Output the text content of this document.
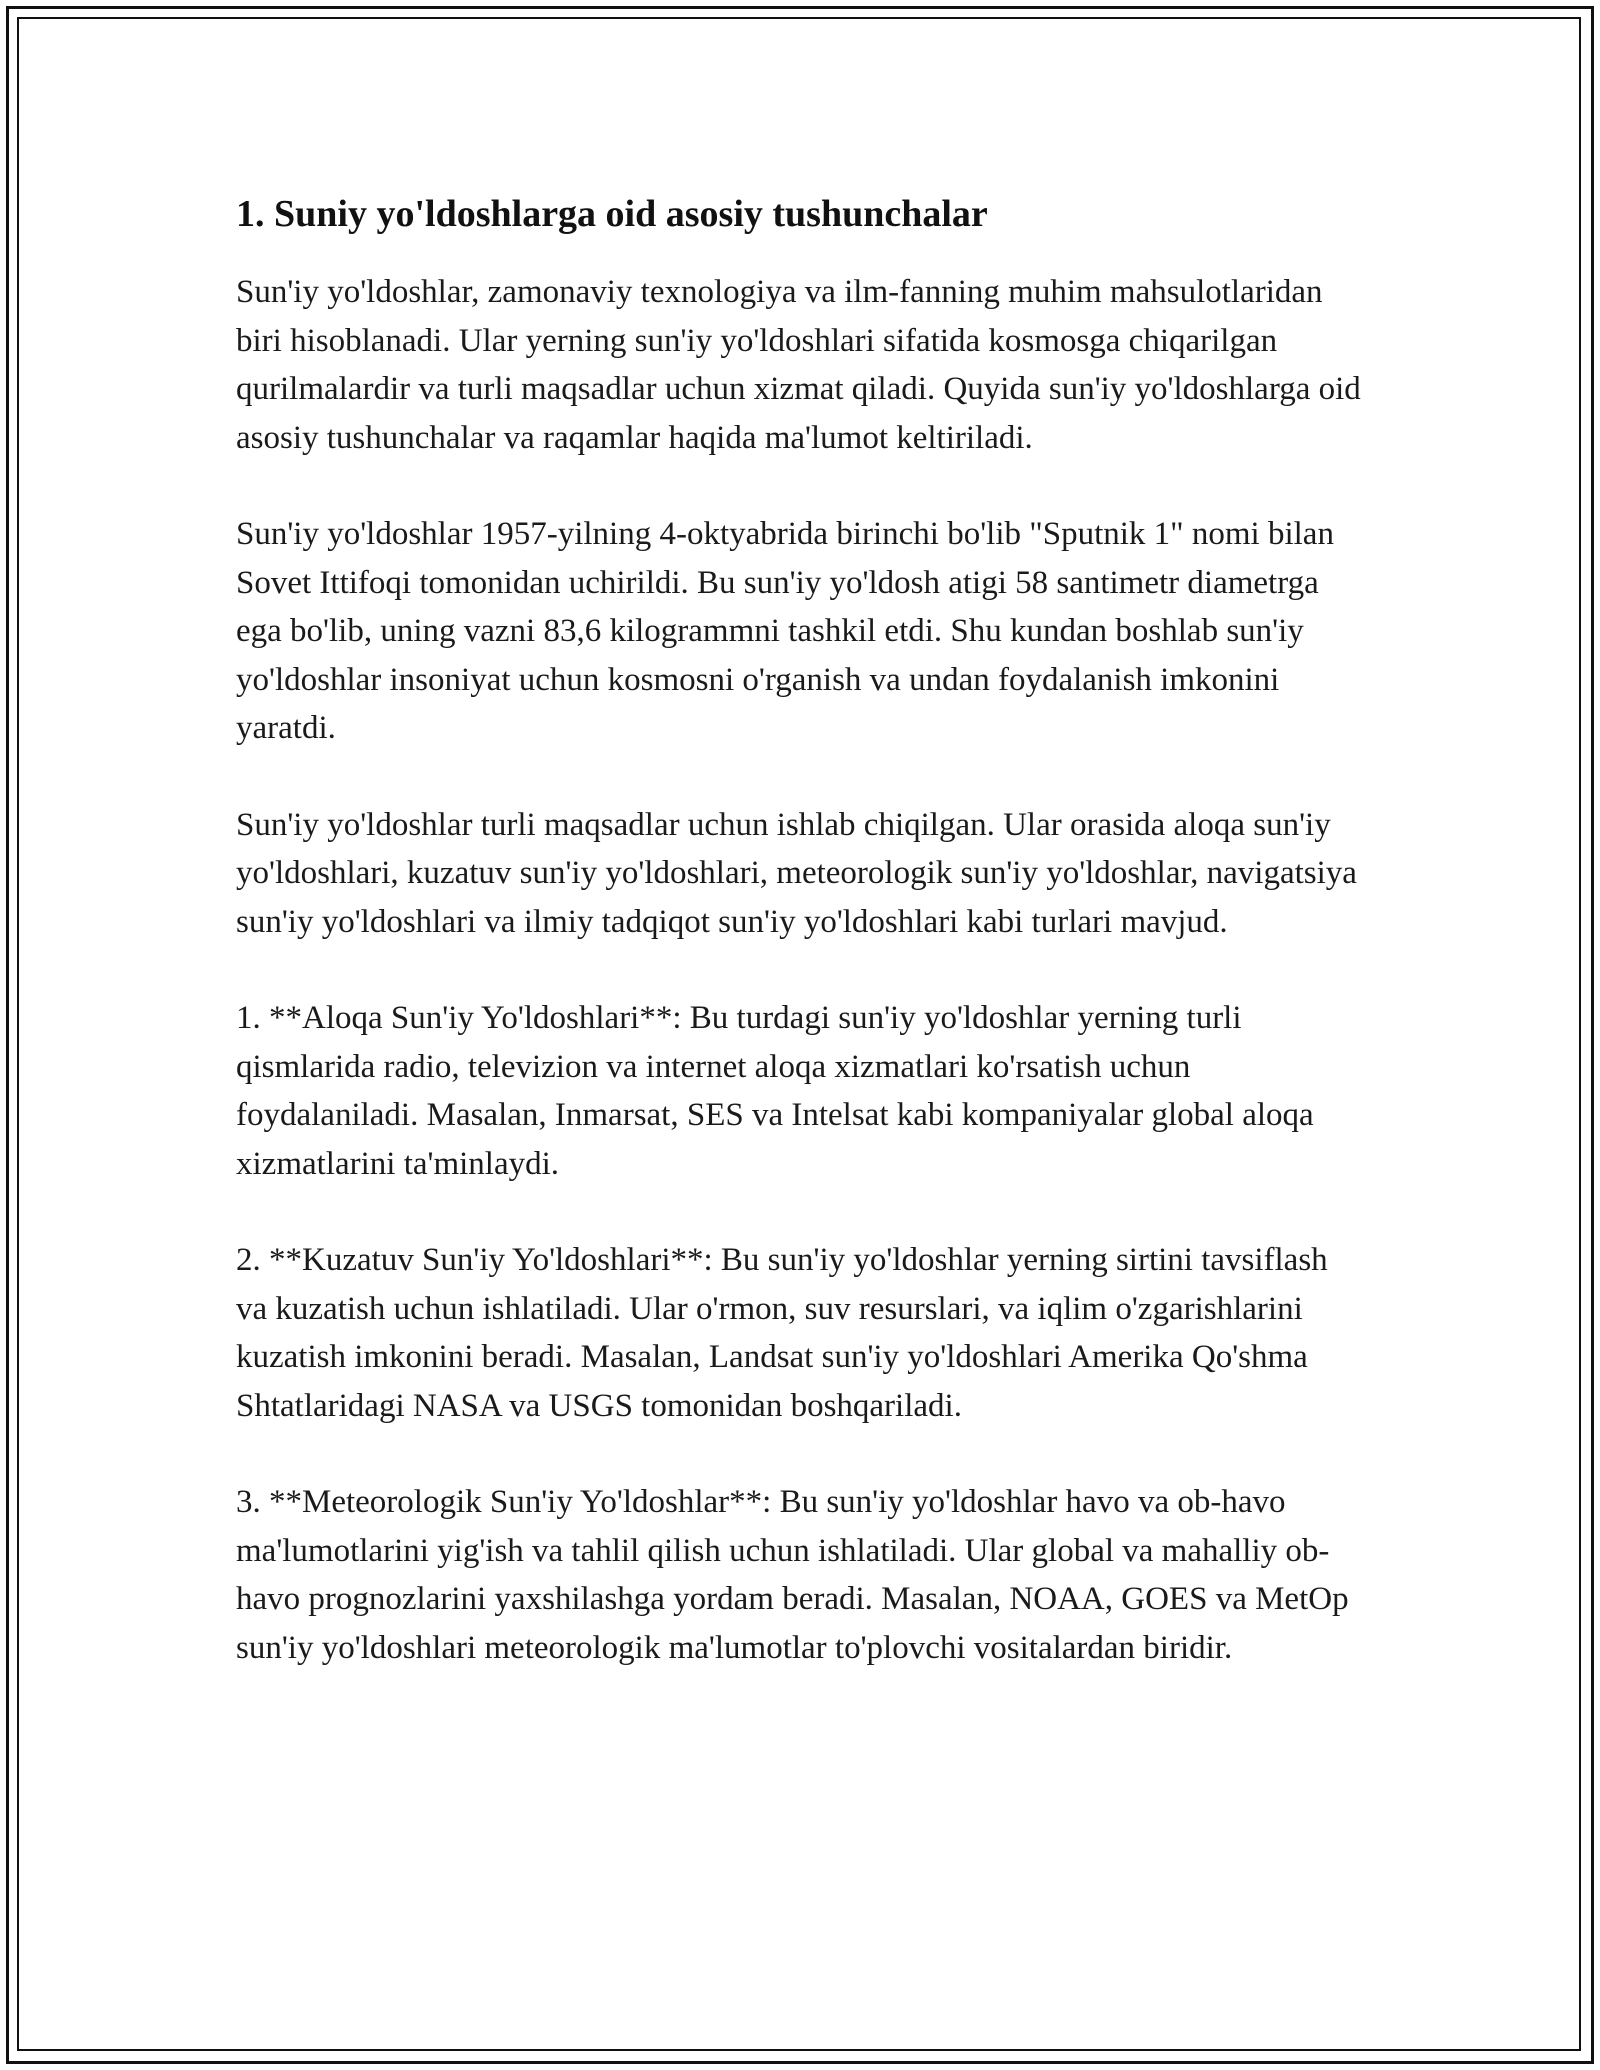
1. Suniy yo'ldoshlarga oid asosiy tushunchalar

Sun'iy yo'ldoshlar, zamonaviy texnologiya va ilm-fanning muhim mahsulotlaridan biri hisoblanadi. Ular yerning sun'iy yo'ldoshlari sifatida kosmosga chiqarilgan qurilmalardir va turli maqsadlar uchun xizmat qiladi. Quyida sun'iy yo'ldoshlarga oid asosiy tushunchalar va raqamlar haqida ma'lumot keltiriladi.

Sun'iy yo'ldoshlar 1957-yilning 4-oktyabrida birinchi bo'lib "Sputnik 1" nomi bilan Sovet Ittifoqi tomonidan uchirildi. Bu sun'iy yo'ldosh atigi 58 santimetr diametrga ega bo'lib, uning vazni 83,6 kilogrammni tashkil etdi. Shu kundan boshlab sun'iy yo'ldoshlar insoniyat uchun kosmosni o'rganish va undan foydalanish imkonini yaratdi.

Sun'iy yo'ldoshlar turli maqsadlar uchun ishlab chiqilgan. Ular orasida aloqa sun'iy yo'ldoshlari, kuzatuv sun'iy yo'ldoshlari, meteorologik sun'iy yo'ldoshlar, navigatsiya sun'iy yo'ldoshlari va ilmiy tadqiqot sun'iy yo'ldoshlari kabi turlari mavjud.

1. **Aloqa Sun'iy Yo'ldoshlari**: Bu turdagi sun'iy yo'ldoshlar yerning turli qismlarida radio, televizion va internet aloqa xizmatlari ko'rsatish uchun foydalaniladi. Masalan, Inmarsat, SES va Intelsat kabi kompaniyalar global aloqa xizmatlarini ta'minlaydi.

2. **Kuzatuv Sun'iy Yo'ldoshlari**: Bu sun'iy yo'ldoshlar yerning sirtini tavsiflash va kuzatish uchun ishlatiladi. Ular o'rmon, suv resurslari, va iqlim o'zgarishlarini kuzatish imkonini beradi. Masalan, Landsat sun'iy yo'ldoshlari Amerika Qo'shma Shtatlaridagi NASA va USGS tomonidan boshqariladi.

3. **Meteorologik Sun'iy Yo'ldoshlar**: Bu sun'iy yo'ldoshlar havo va ob-havo ma'lumotlarini yig'ish va tahlil qilish uchun ishlatiladi. Ular global va mahalliy ob-havo prognozlarini yaxshilashga yordam beradi. Masalan, NOAA, GOES va MetOp sun'iy yo'ldoshlari meteorologik ma'lumotlar to'plovchi vositalardan biridir.
